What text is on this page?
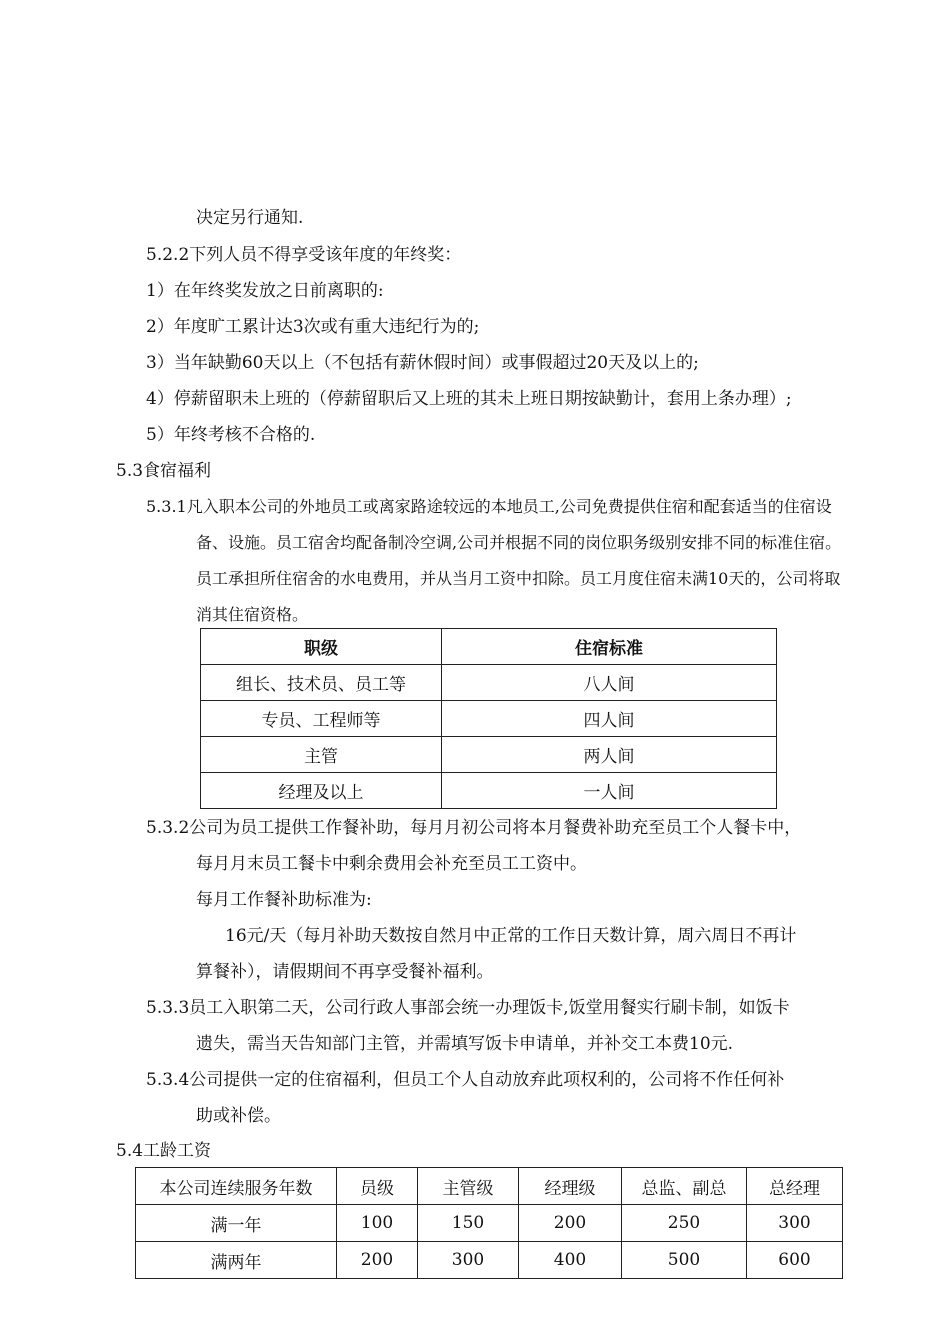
决定另行通知.
5.2.2下列人员不得享受该年度的年终奖：
1）在年终奖发放之日前离职的:
2）年度旷工累计达3次或有重大违纪行为的;
3）当年缺勤60天以上（不包括有薪休假时间）或事假超过20天及以上的;
4）停薪留职未上班的（停薪留职后又上班的其未上班日期按缺勤计，套用上条办理）;
5）年终考核不合格的.
5.3食宿福利
5.3.1凡入职本公司的外地员工或离家路途较远的本地员工,公司免费提供住宿和配套适当的住宿设
备、设施。员工宿舍均配备制冷空调,公司并根据不同的岗位职务级别安排不同的标准住宿。
员工承担所住宿舍的水电费用，并从当月工资中扣除。员工月度住宿未满10天的，公司将取
消其住宿资格。
职级	住宿标准
组长、技术员、员工等	八人间
专员、工程师等	四人间
主管	两人间
经理及以上	一人间
5.3.2公司为员工提供工作餐补助，每月月初公司将本月餐费补助充至员工个人餐卡中，
每月月末员工餐卡中剩余费用会补充至员工工资中。
每月工作餐补助标准为:
16元/天（每月补助天数按自然月中正常的工作日天数计算，周六周日不再计
算餐补），请假期间不再享受餐补福利。
5.3.3员工入职第二天，公司行政人事部会统一办理饭卡,饭堂用餐实行刷卡制，如饭卡
遗失，需当天告知部门主管，并需填写饭卡申请单，并补交工本费10元.
5.3.4公司提供一定的住宿福利，但员工个人自动放弃此项权利的，公司将不作任何补
助或补偿。
5.4工龄工资
本公司连续服务年数	员级	主管级	经理级	总监、副总	总经理
满一年	100	150	200	250	300
满两年	200	300	400	500	600
